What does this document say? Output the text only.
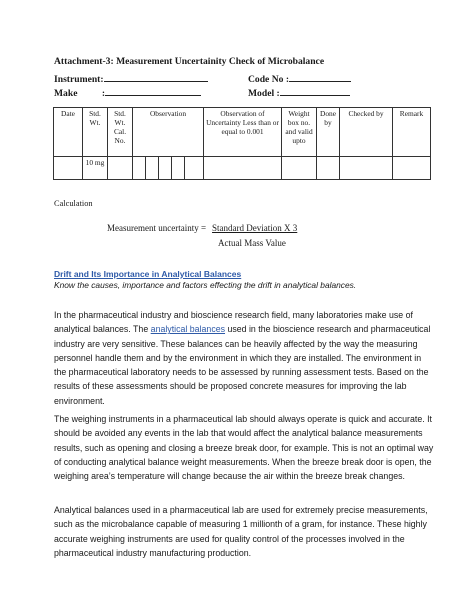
Attachment-3: Measurement Uncertainity Check of Microbalance
Instrument:	Code No :
Make	:	Model :
Date	Std. Wt.	Std. Wt. Cal. No.	Observation					Observation of Uncertainty Less than or equal to 0.001	Weight box no. and valid upto	Done by	Checked by	Remark
	10 mg											
Calculation
Measurement uncertainty = Standard Deviation X 3
Actual Mass Value
Drift and Its Importance in Analytical Balances
Know the causes, importance and factors effecting the drift in analytical balances.
In the pharmaceutical industry and bioscience research field, many laboratories make use of analytical balances. The analytical balances used in the bioscience research and pharmaceutical industry are very sensitive. These balances can be heavily affected by the way the measuring personnel handle them and by the environment in which they are installed. The environment in the pharmaceutical laboratory needs to be assessed by running assessment tests. Based on the results of these assessments should be proposed concrete measures for improving the lab environment.
The weighing instruments in a pharmaceutical lab should always operate is quick and accurate. It should be avoided any events in the lab that would affect the analytical balance measurements results, such as opening and closing a breeze break door, for example. This is not an optimal way of conducting analytical balance weight measurements. When the breeze break door is open, the weighing area’s temperature will change because the air within the breeze break changes.
Analytical balances used in a pharmaceutical lab are used for extremely precise measurements, such as the microbalance capable of measuring 1 millionth of a gram, for instance. These highly accurate weighing instruments are used for quality control of the processes involved in the pharmaceutical industry manufacturing production.
